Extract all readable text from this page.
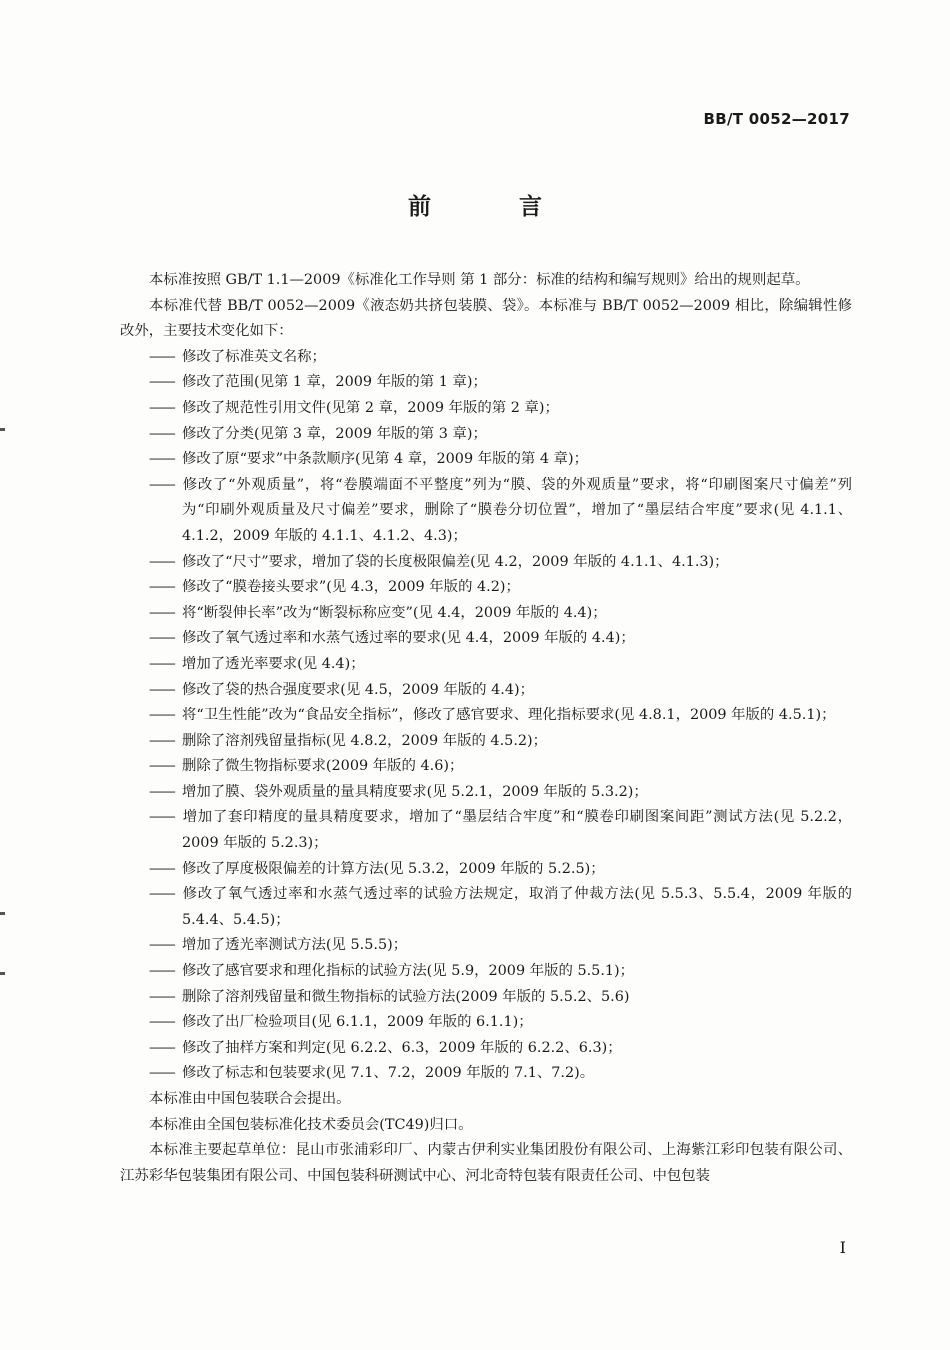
BB/T 0052—2017
前 言

本标准按照 GB/T 1.1—2009《标准化工作导则 第 1 部分：标准的结构和编写规则》给出的规则起草。

本标准代替 BB/T 0052—2009《液态奶共挤包装膜、袋》。本标准与 BB/T 0052—2009 相比，除编辑性修改外，主要技术变化如下：

—— 修改了标准英文名称；
—— 修改了范围(见第 1 章，2009 年版的第 1 章)；
—— 修改了规范性引用文件(见第 2 章，2009 年版的第 2 章)；
—— 修改了分类(见第 3 章，2009 年版的第 3 章)；
—— 修改了原“要求”中条款顺序(见第 4 章，2009 年版的第 4 章)；
—— 修改了“外观质量”，将“卷膜端面不平整度”列为“膜、袋的外观质量”要求，将“印刷图案尺寸偏差”列为“印刷外观质量及尺寸偏差”要求，删除了“膜卷分切位置”，增加了“墨层结合牢度”要求(见 4.1.1、4.1.2，2009 年版的 4.1.1、4.1.2、4.3)；
—— 修改了“尺寸”要求，增加了袋的长度极限偏差(见 4.2，2009 年版的 4.1.1、4.1.3)；
—— 修改了“膜卷接头要求”(见 4.3，2009 年版的 4.2)；
—— 将“断裂伸长率”改为“断裂标称应变”(见 4.4，2009 年版的 4.4)；
—— 修改了氧气透过率和水蒸气透过率的要求(见 4.4，2009 年版的 4.4)；
—— 增加了透光率要求(见 4.4)；
—— 修改了袋的热合强度要求(见 4.5，2009 年版的 4.4)；
—— 将“卫生性能”改为“食品安全指标”，修改了感官要求、理化指标要求(见 4.8.1，2009 年版的 4.5.1)；
—— 删除了溶剂残留量指标(见 4.8.2，2009 年版的 4.5.2)；
—— 删除了微生物指标要求(2009 年版的 4.6)；
—— 增加了膜、袋外观质量的量具精度要求(见 5.2.1，2009 年版的 5.3.2)；
—— 增加了套印精度的量具精度要求，增加了“墨层结合牢度”和“膜卷印刷图案间距”测试方法(见 5.2.2，2009 年版的 5.2.3)；
—— 修改了厚度极限偏差的计算方法(见 5.3.2，2009 年版的 5.2.5)；
—— 修改了氧气透过率和水蒸气透过率的试验方法规定，取消了仲裁方法(见 5.5.3、5.5.4，2009 年版的 5.4.4、5.4.5)；
—— 增加了透光率测试方法(见 5.5.5)；
—— 修改了感官要求和理化指标的试验方法(见 5.9，2009 年版的 5.5.1)；
—— 删除了溶剂残留量和微生物指标的试验方法(2009 年版的 5.5.2、5.6)
—— 修改了出厂检验项目(见 6.1.1，2009 年版的 6.1.1)；
—— 修改了抽样方案和判定(见 6.2.2、6.3，2009 年版的 6.2.2、6.3)；
—— 修改了标志和包装要求(见 7.1、7.2，2009 年版的 7.1、7.2)。

本标准由中国包装联合会提出。

本标准由全国包装标准化技术委员会(TC49)归口。

本标准主要起草单位：昆山市张浦彩印厂、内蒙古伊利实业集团股份有限公司、上海紫江彩印包装有限公司、江苏彩华包装集团有限公司、中国包装科研测试中心、河北奇特包装有限责任公司、中包包装

I
